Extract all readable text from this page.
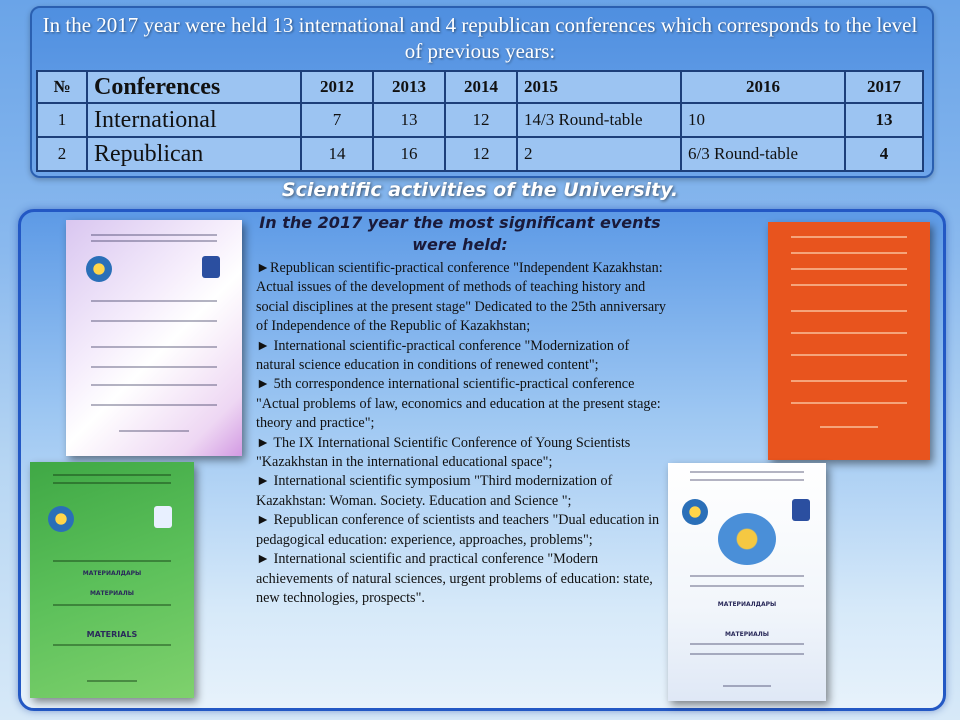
In the 2017 year were held 13 international and 4 republican conferences which corresponds to the level of previous years:
№	Conferences	2012	2013	2014	2015	2016	2017
1	International	7	13	12	14/3 Round-table	10	13
2	Republican	14	16	12	2	6/3 Round-table	4
Scientific activities of the University.
In the 2017 year the most significant events were held:

►Republican scientific-practical conference "Independent Kazakhstan: Actual issues of the development of methods of teaching history and social disciplines at the present stage" Dedicated to the 25th anniversary of Independence of the Republic of Kazakhstan;

► International scientific-practical conference "Modernization of natural science education in conditions of renewed content";

► 5th correspondence international scientific-practical conference "Actual problems of law, economics and education at the present stage: theory and practice";

► The IX International Scientific Conference of Young Scientists "Kazakhstan in the international educational space";

► International scientific symposium "Third modernization of Kazakhstan: Woman. Society. Education and Science ";

► Republican conference of scientists and teachers "Dual education in pedagogical education: experience, approaches, problems";

► International scientific and practical conference "Modern achievements of natural sciences, urgent problems of education: state, new technologies, prospects".

МАТЕРИАЛДАРЫ
МАТЕРИАЛЫ
MATERIALS
МАТЕРИАЛДАРЫ
МАТЕРИАЛЫ
